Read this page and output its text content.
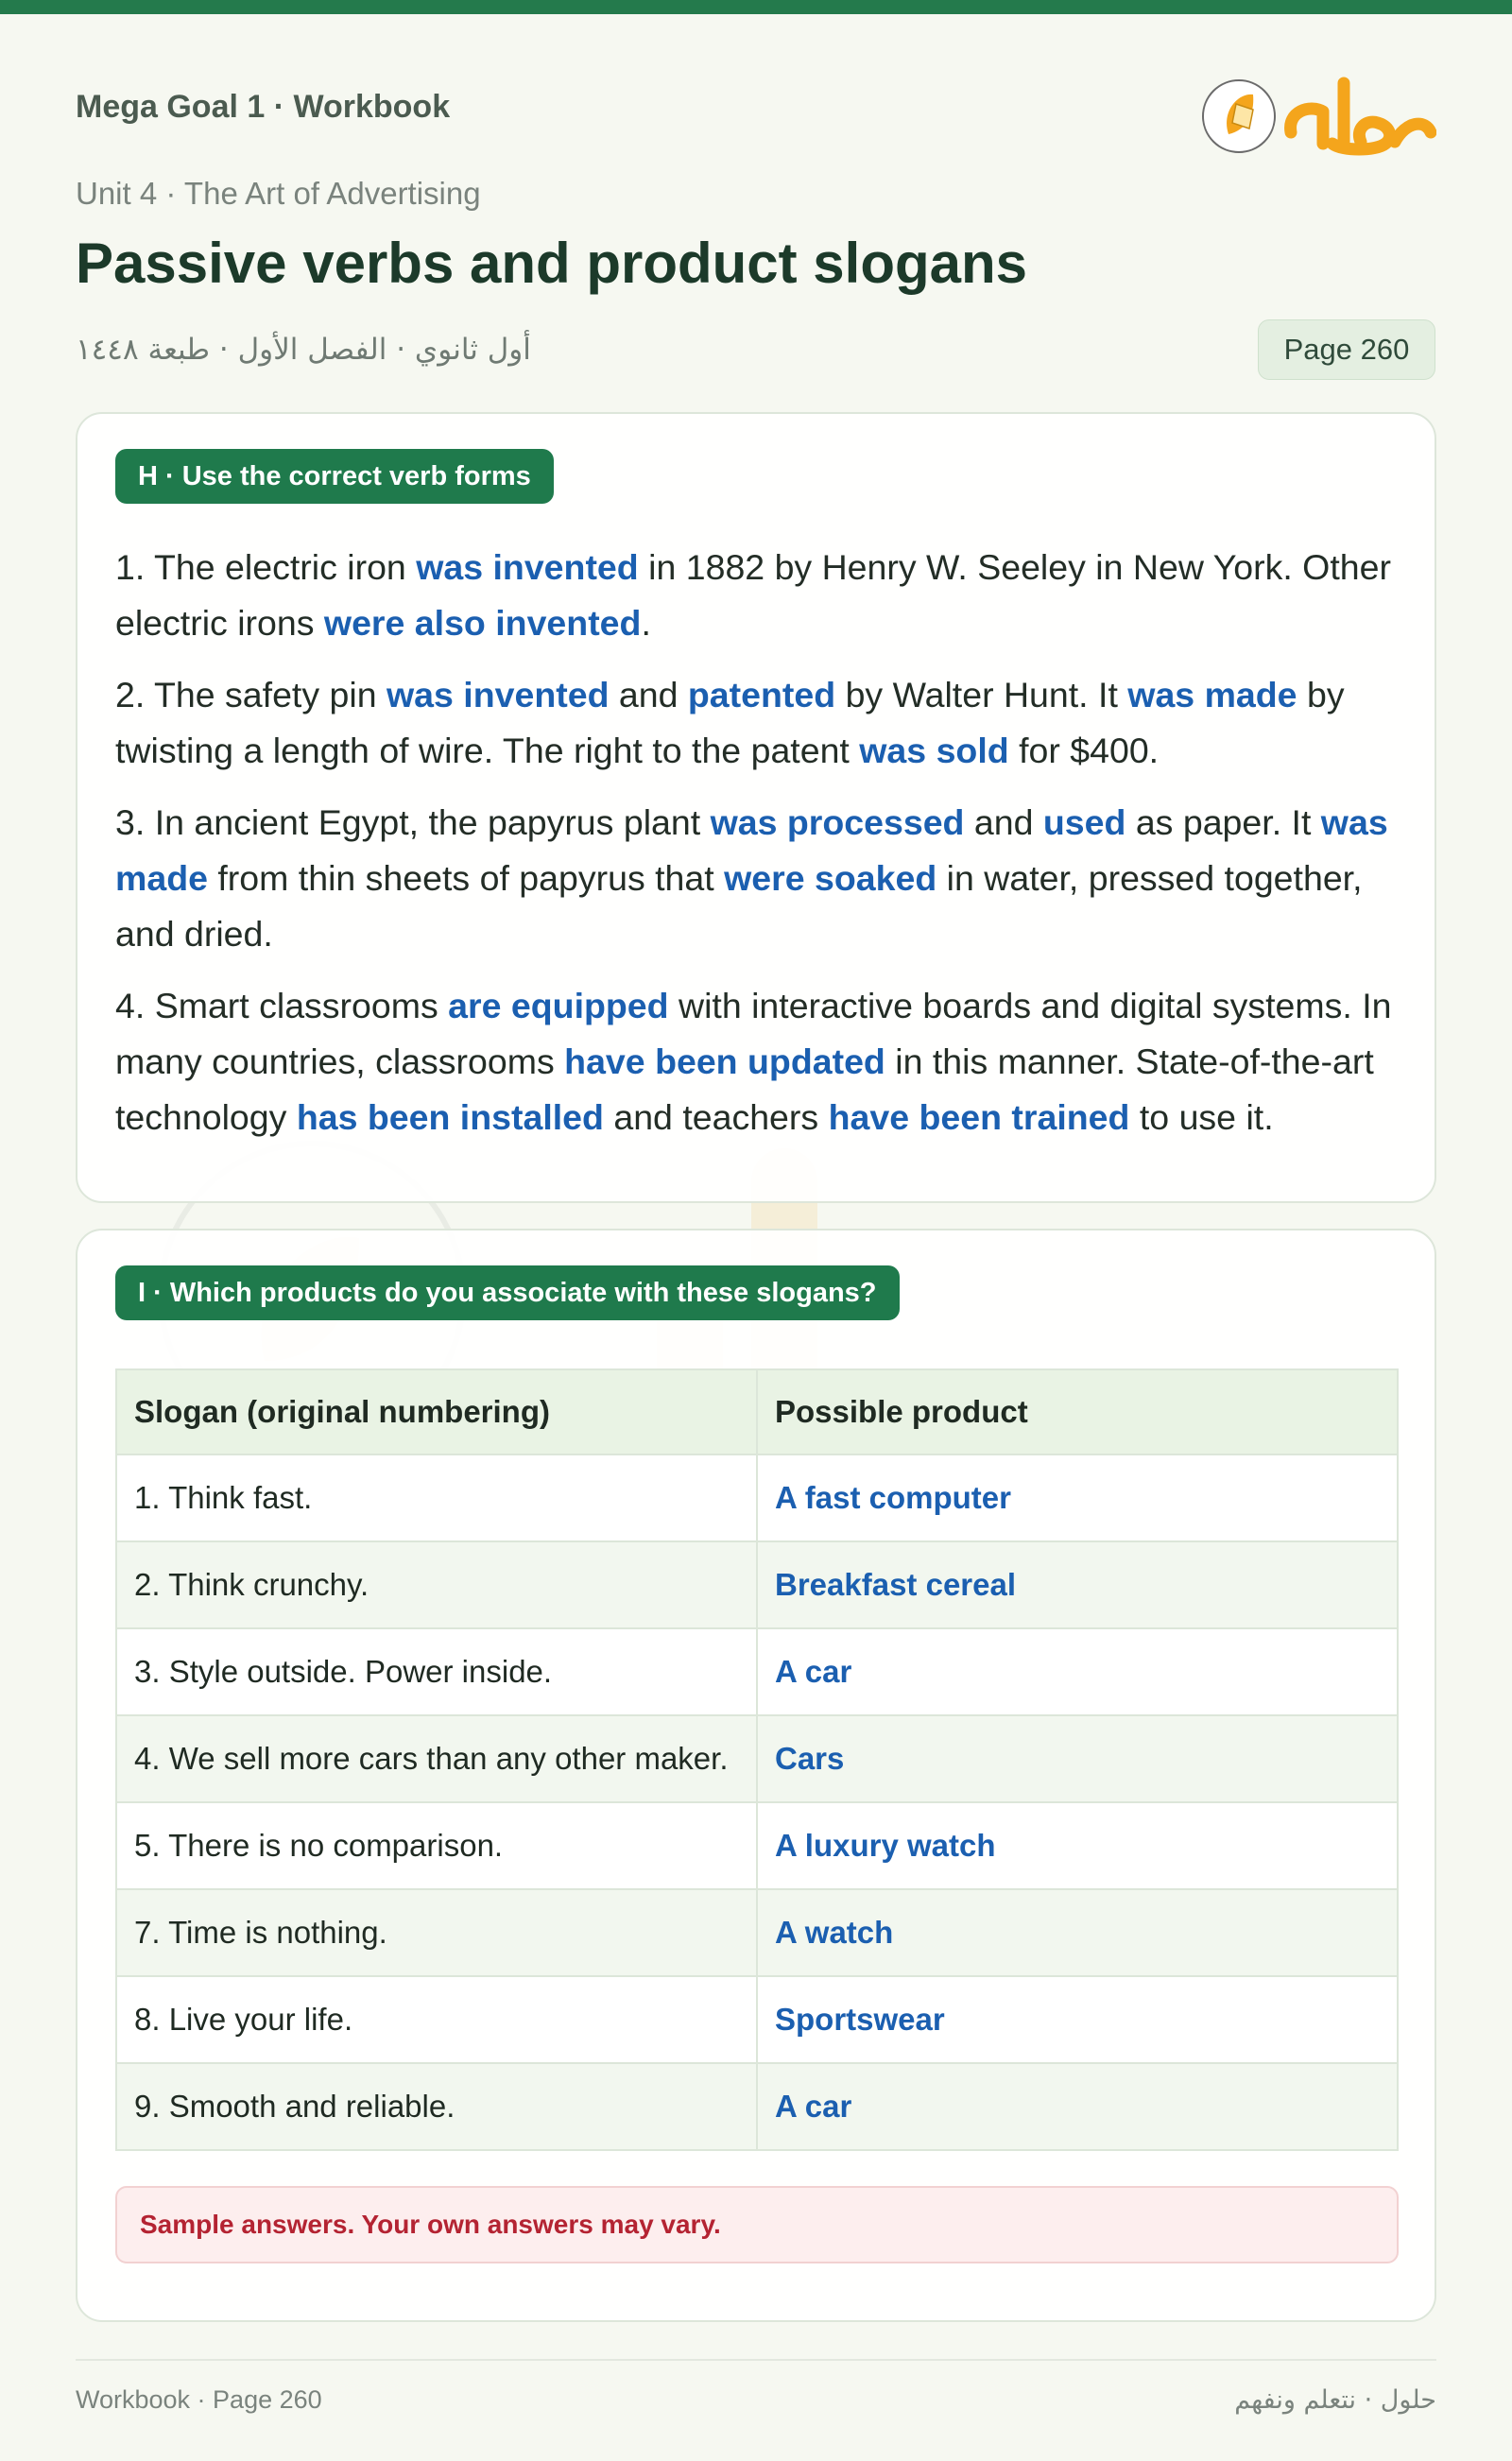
Mega Goal 1 · Workbook
Unit 4 · The Art of Advertising
Passive verbs and product slogans
أول ثانوي · الفصل الأول · طبعة ١٤٤٨	Page 260
H · Use the correct verb forms

1. The electric iron was invented in 1882 by Henry W. Seeley in New York. Other electric irons were also invented.

2. The safety pin was invented and patented by Walter Hunt. It was made by twisting a length of wire. The right to the patent was sold for $400.

3. In ancient Egypt, the papyrus plant was processed and used as paper. It was made from thin sheets of papyrus that were soaked in water, pressed together, and dried.

4. Smart classrooms are equipped with interactive boards and digital systems. In many countries, classrooms have been updated in this manner. State-of-the-art technology has been installed and teachers have been trained to use it.

I · Which products do you associate with these slogans?
Slogan (original numbering)	Possible product
1. Think fast.	A fast computer
2. Think crunchy.	Breakfast cereal
3. Style outside. Power inside.	A car
4. We sell more cars than any other maker.	Cars
5. There is no comparison.	A luxury watch
7. Time is nothing.	A watch
8. Live your life.	Sportswear
9. Smooth and reliable.	A car
Sample answers. Your own answers may vary.
Workbook · Page 260	حلول · نتعلم ونفهم
